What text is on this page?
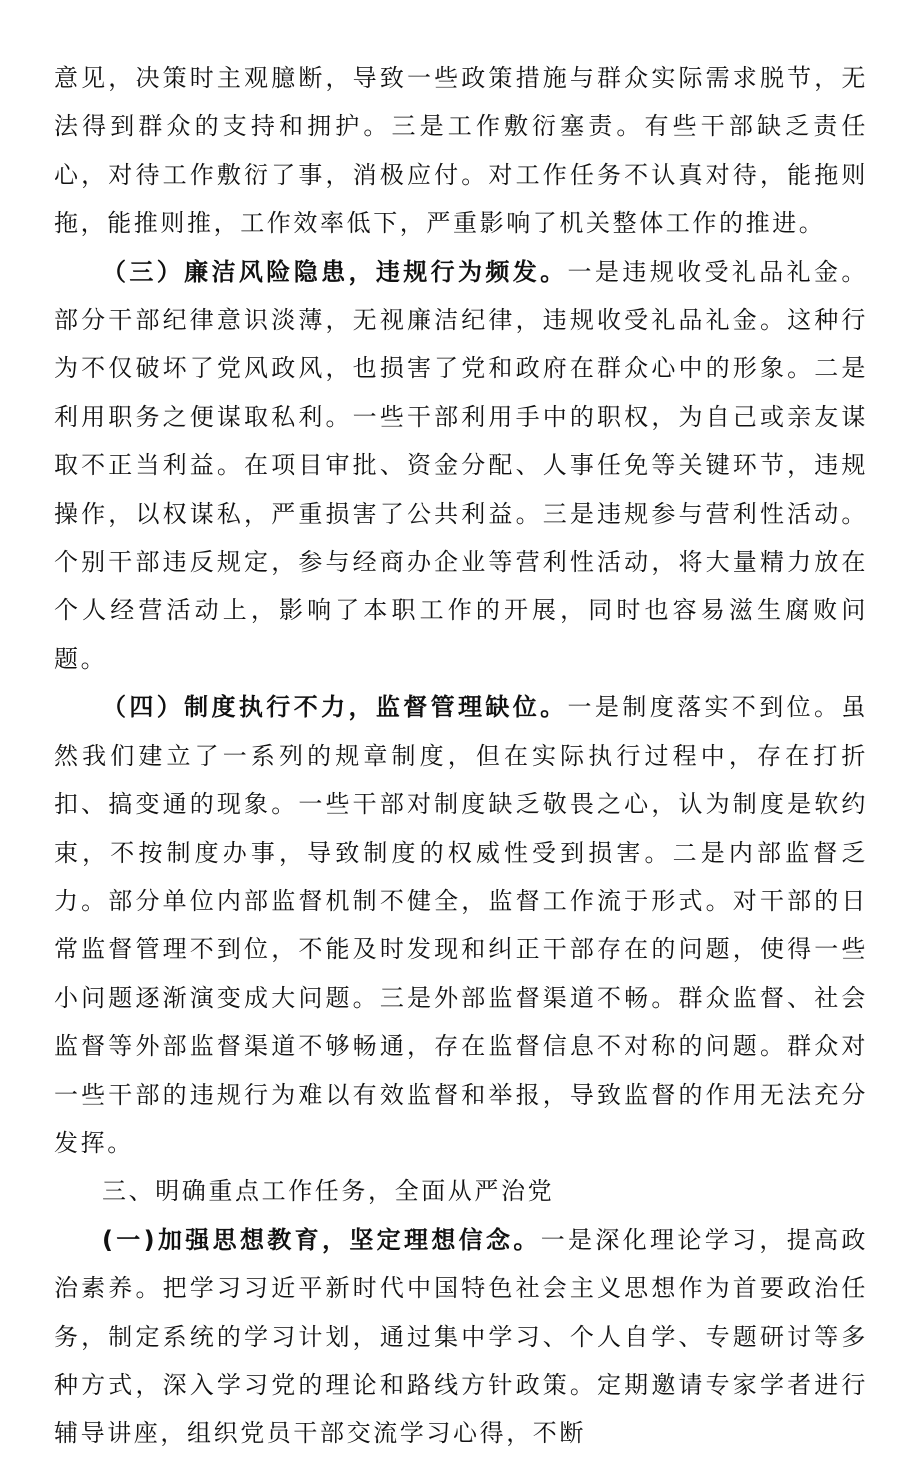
意见，决策时主观臆断，导致一些政策措施与群众实际需求脱节，无法得到群众的支持和拥护。三是工作敷衍塞责。有些干部缺乏责任心，对待工作敷衍了事，消极应付。对工作任务不认真对待，能拖则拖，能推则推，工作效率低下，严重影响了机关整体工作的推进。

（三）廉洁风险隐患，违规行为频发。一是违规收受礼品礼金。部分干部纪律意识淡薄，无视廉洁纪律，违规收受礼品礼金。这种行为不仅破坏了党风政风，也损害了党和政府在群众心中的形象。二是利用职务之便谋取私利。一些干部利用手中的职权，为自己或亲友谋取不正当利益。在项目审批、资金分配、人事任免等关键环节，违规操作，以权谋私，严重损害了公共利益。三是违规参与营利性活动。个别干部违反规定，参与经商办企业等营利性活动，将大量精力放在个人经营活动上，影响了本职工作的开展，同时也容易滋生腐败问题。

（四）制度执行不力，监督管理缺位。一是制度落实不到位。虽然我们建立了一系列的规章制度，但在实际执行过程中，存在打折扣、搞变通的现象。一些干部对制度缺乏敬畏之心，认为制度是软约束，不按制度办事，导致制度的权威性受到损害。二是内部监督乏力。部分单位内部监督机制不健全，监督工作流于形式。对干部的日常监督管理不到位，不能及时发现和纠正干部存在的问题，使得一些小问题逐渐演变成大问题。三是外部监督渠道不畅。群众监督、社会监督等外部监督渠道不够畅通，存在监督信息不对称的问题。群众对一些干部的违规行为难以有效监督和举报，导致监督的作用无法充分发挥。

三、明确重点工作任务，全面从严治党

(一)加强思想教育，坚定理想信念。一是深化理论学习，提高政治素养。把学习习近平新时代中国特色社会主义思想作为首要政治任务，制定系统的学习计划，通过集中学习、个人自学、专题研讨等多种方式，深入学习党的理论和路线方针政策。定期邀请专家学者进行辅导讲座，组织党员干部交流学习心得，不断
